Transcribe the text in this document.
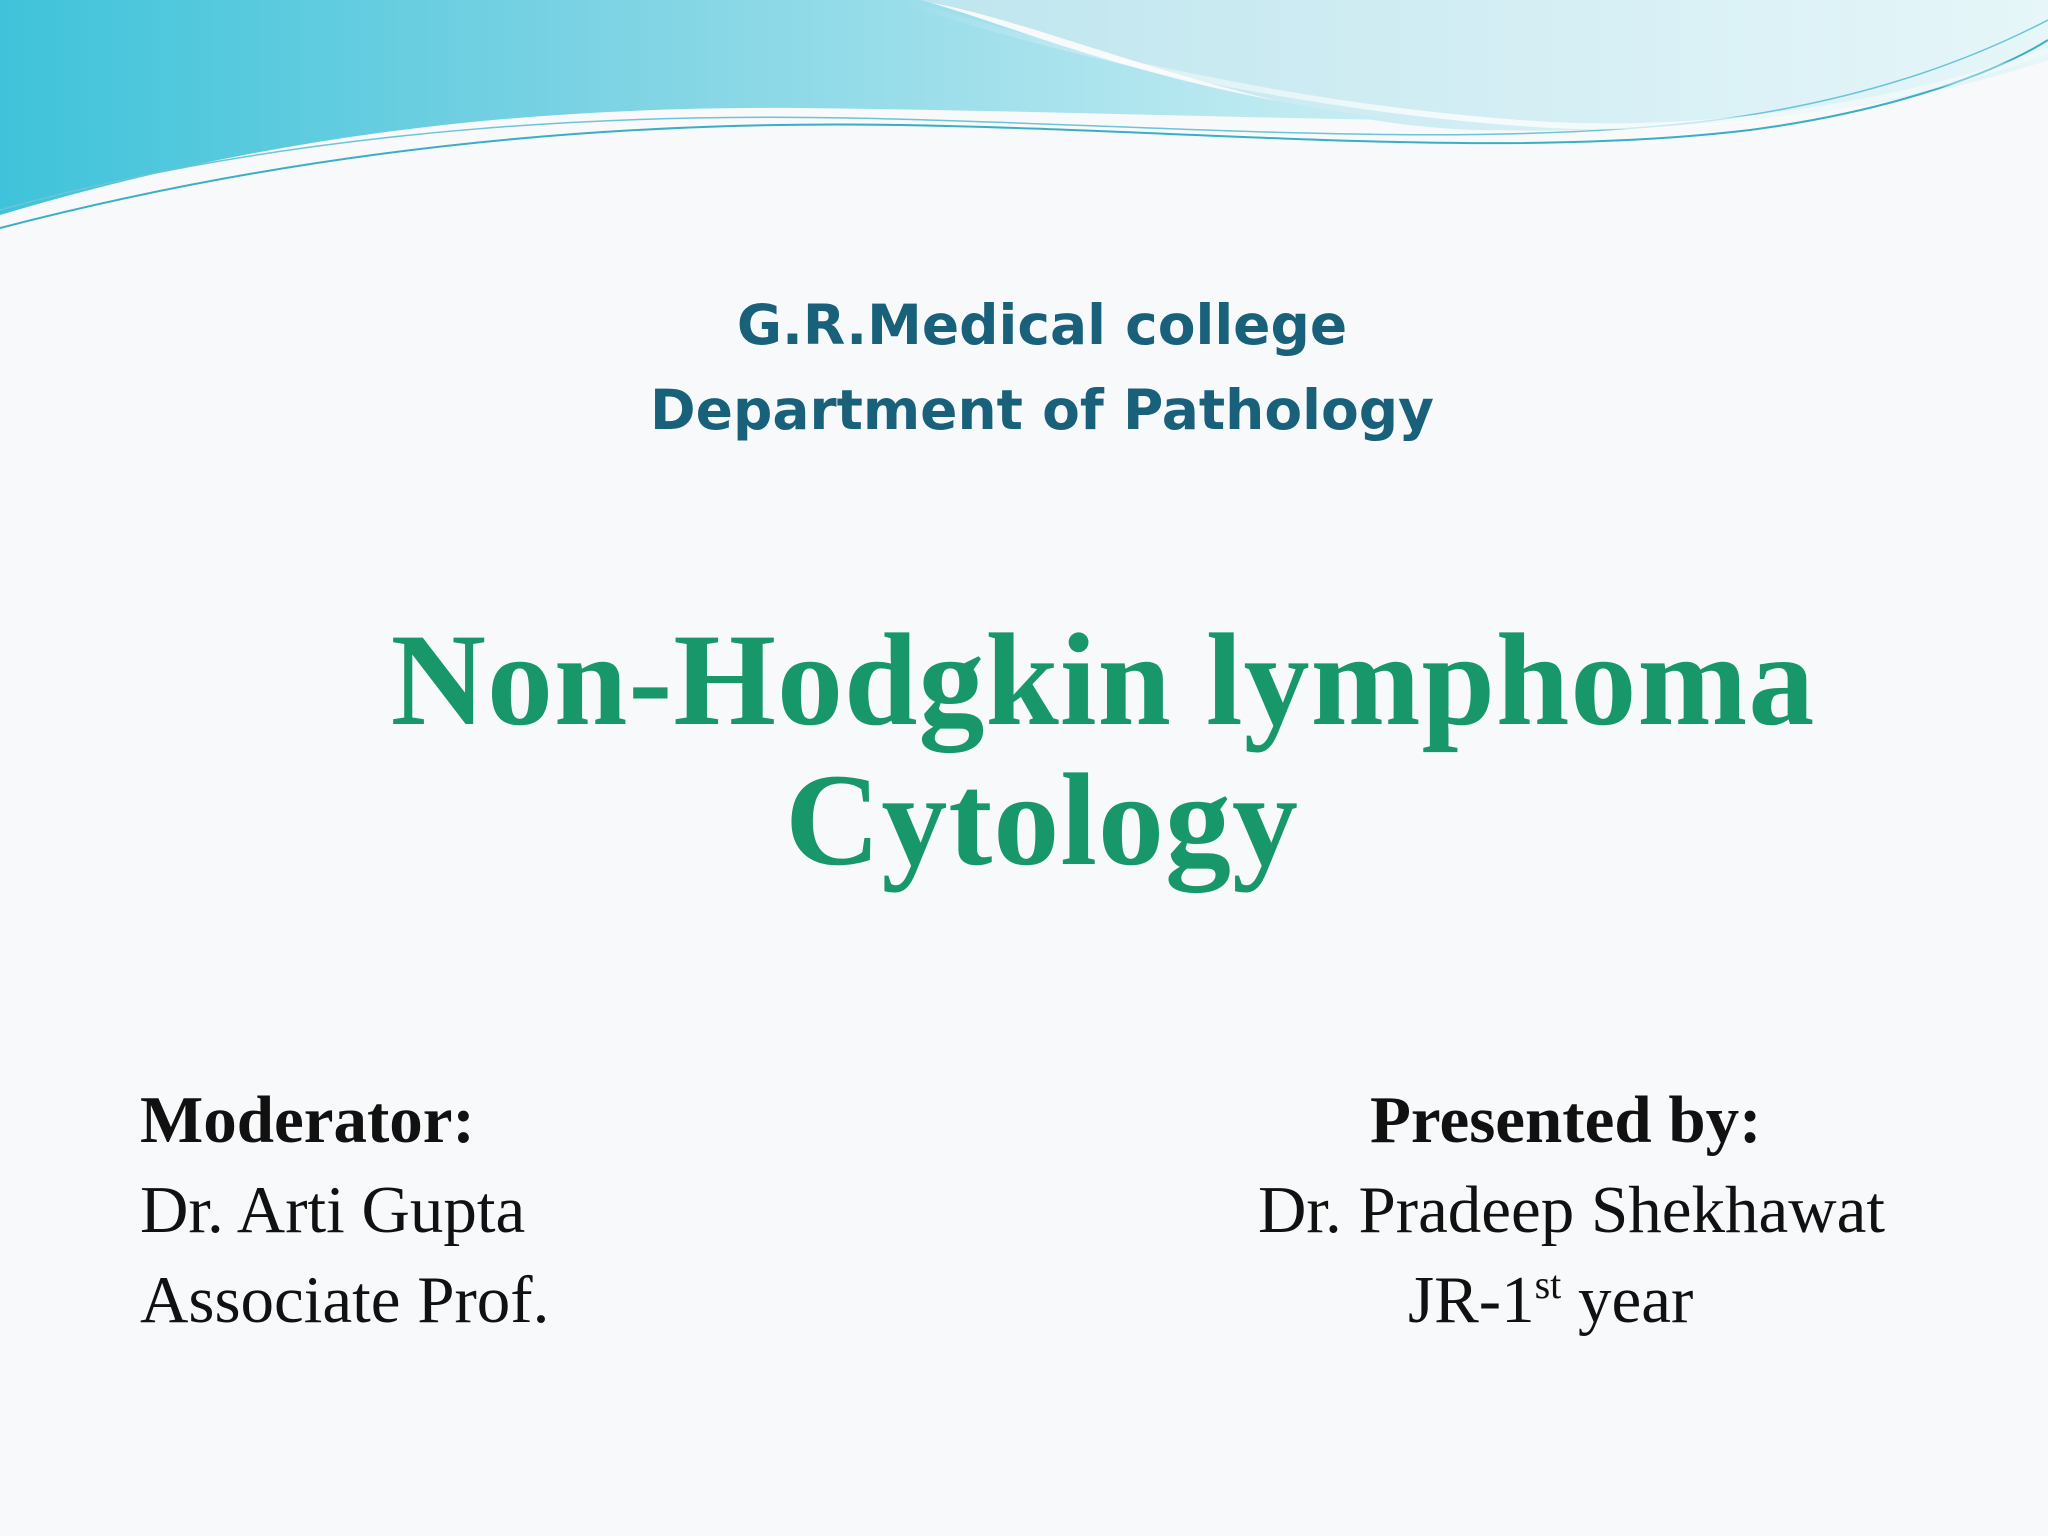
G.R.Medical college
Department of Pathology
Non-Hodgkin lymphoma
Cytology
Moderator:
Dr. Arti Gupta
Associate Prof.
Presented by:
Dr. Pradeep Shekhawat
JR-1st year
